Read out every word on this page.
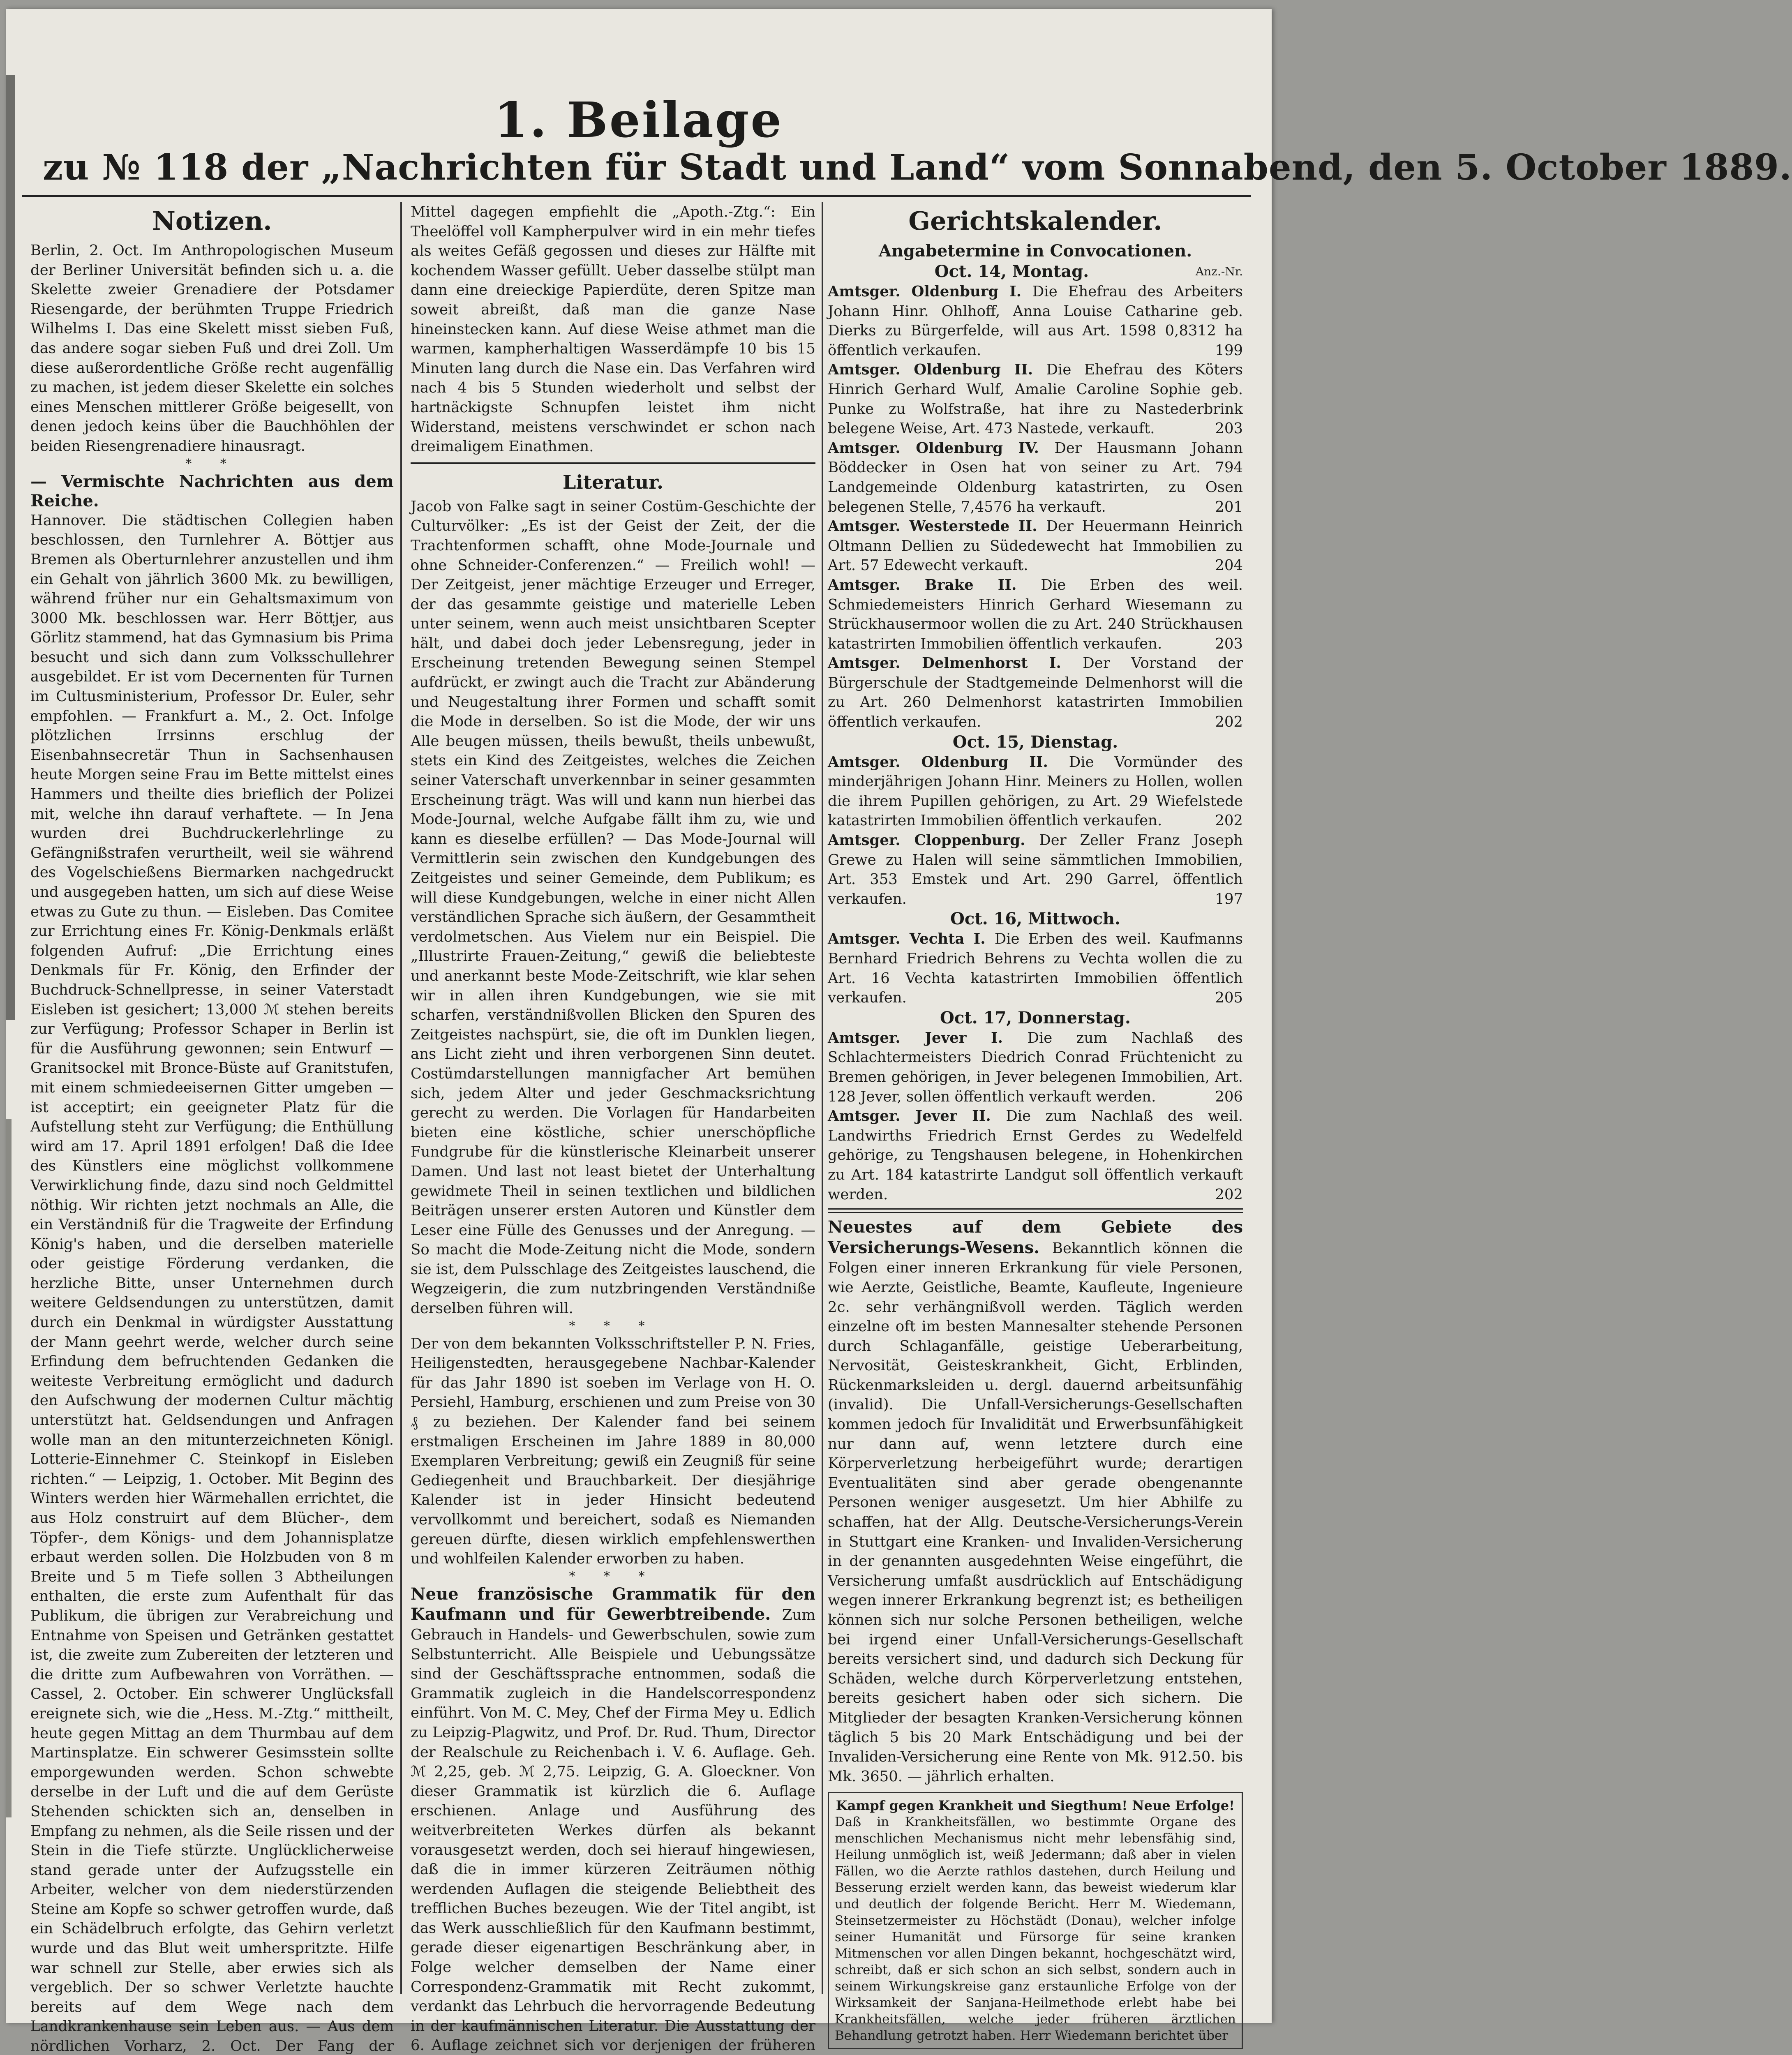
1. Beilage
zu № 118 der „Nachrichten für Stadt und Land“ vom Sonnabend, den 5. October 1889.
Notizen.

Berlin, 2. Oct. Im Anthropologischen Museum der Berliner Universität befinden sich u. a. die Skelette zweier Grenadiere der Potsdamer Riesengarde, der berühmten Truppe Friedrich Wilhelms I. Das eine Skelett misst sieben Fuß, das andere sogar sieben Fuß und drei Zoll. Um diese außerordentliche Größe recht augenfällig zu machen, ist jedem dieser Skelette ein solches eines Menschen mittlerer Größe beigesellt, von denen jedoch keins über die Bauchhöhlen der beiden Riesengrenadiere hinausragt.

* *

— Vermischte Nachrichten aus dem Reiche.

Hannover. Die städtischen Collegien haben beschlossen, den Turnlehrer A. Böttjer aus Bremen als Oberturnlehrer anzustellen und ihm ein Gehalt von jährlich 3600 Mk. zu bewilligen, während früher nur ein Gehaltsmaximum von 3000 Mk. beschlossen war. Herr Böttjer, aus Görlitz stammend, hat das Gymnasium bis Prima besucht und sich dann zum Volksschullehrer ausgebildet. Er ist vom Decernenten für Turnen im Cultusministerium, Professor Dr. Euler, sehr empfohlen. — Frankfurt a. M., 2. Oct. Infolge plötzlichen Irrsinns erschlug der Eisenbahnsecretär Thun in Sachsenhausen heute Morgen seine Frau im Bette mittelst eines Hammers und theilte dies brieflich der Polizei mit, welche ihn darauf verhaftete. — In Jena wurden drei Buchdruckerlehrlinge zu Gefängnißstrafen verurtheilt, weil sie während des Vogelschießens Biermarken nachgedruckt und ausgegeben hatten, um sich auf diese Weise etwas zu Gute zu thun. — Eisleben. Das Comitee zur Errichtung eines Fr. König-Denkmals erläßt folgenden Aufruf: „Die Errichtung eines Denkmals für Fr. König, den Erfinder der Buchdruck-Schnellpresse, in seiner Vaterstadt Eisleben ist gesichert; 13,000 ℳ stehen bereits zur Verfügung; Professor Schaper in Berlin ist für die Ausführung gewonnen; sein Entwurf — Granitsockel mit Bronce-Büste auf Granitstufen, mit einem schmiedeeisernen Gitter umgeben — ist acceptirt; ein geeigneter Platz für die Aufstellung steht zur Verfügung; die Enthüllung wird am 17. April 1891 erfolgen! Daß die Idee des Künstlers eine möglichst vollkommene Verwirklichung finde, dazu sind noch Geldmittel nöthig. Wir richten jetzt nochmals an Alle, die ein Verständniß für die Tragweite der Erfindung König's haben, und die derselben materielle oder geistige Förderung verdanken, die herzliche Bitte, unser Unternehmen durch weitere Geldsendungen zu unterstützen, damit durch ein Denkmal in würdigster Ausstattung der Mann geehrt werde, welcher durch seine Erfindung dem befruchtenden Gedanken die weiteste Verbreitung ermöglicht und dadurch den Aufschwung der modernen Cultur mächtig unterstützt hat. Geldsendungen und Anfragen wolle man an den mitunterzeichneten Königl. Lotterie-Einnehmer C. Steinkopf in Eisleben richten.“ — Leipzig, 1. October. Mit Beginn des Winters werden hier Wärmehallen errichtet, die aus Holz construirt auf dem Blücher-, dem Töpfer-, dem Königs- und dem Johannisplatze erbaut werden sollen. Die Holzbuden von 8 m Breite und 5 m Tiefe sollen 3 Abtheilungen enthalten, die erste zum Aufenthalt für das Publikum, die übrigen zur Verabreichung und Entnahme von Speisen und Getränken gestattet ist, die zweite zum Zubereiten der letzteren und die dritte zum Aufbewahren von Vorräthen. — Cassel, 2. October. Ein schwerer Unglücksfall ereignete sich, wie die „Hess. M.-Ztg.“ mittheilt, heute gegen Mittag an dem Thurmbau auf dem Martinsplatze. Ein schwerer Gesimsstein sollte emporgewunden werden. Schon schwebte derselbe in der Luft und die auf dem Gerüste Stehenden schickten sich an, denselben in Empfang zu nehmen, als die Seile rissen und der Stein in die Tiefe stürzte. Unglücklicherweise stand gerade unter der Aufzugsstelle ein Arbeiter, welcher von dem niederstürzenden Steine am Kopfe so schwer getroffen wurde, daß ein Schädelbruch erfolgte, das Gehirn verletzt wurde und das Blut weit umherspritzte. Hilfe war schnell zur Stelle, aber erwies sich als vergeblich. Der so schwer Verletzte hauchte bereits auf dem Wege nach dem Landkrankenhause sein Leben aus. — Aus dem nördlichen Vorharz, 2. Oct. Der Fang der

Mittel dagegen empfiehlt die „Apoth.-Ztg.“: Ein Theelöffel voll Kampherpulver wird in ein mehr tiefes als weites Gefäß gegossen und dieses zur Hälfte mit kochendem Wasser gefüllt. Ueber dasselbe stülpt man dann eine dreieckige Papierdüte, deren Spitze man soweit abreißt, daß man die ganze Nase hineinstecken kann. Auf diese Weise athmet man die warmen, kampherhaltigen Wasserdämpfe 10 bis 15 Minuten lang durch die Nase ein. Das Verfahren wird nach 4 bis 5 Stunden wiederholt und selbst der hartnäckigste Schnupfen leistet ihm nicht Widerstand, meistens verschwindet er schon nach dreimaligem Einathmen.

Literatur.

Jacob von Falke sagt in seiner Costüm-Geschichte der Culturvölker: „Es ist der Geist der Zeit, der die Trachtenformen schafft, ohne Mode-Journale und ohne Schneider-Conferenzen.“ — Freilich wohl! — Der Zeitgeist, jener mächtige Erzeuger und Erreger, der das gesammte geistige und materielle Leben unter seinem, wenn auch meist unsichtbaren Scepter hält, und dabei doch jeder Lebensregung, jeder in Erscheinung tretenden Bewegung seinen Stempel aufdrückt, er zwingt auch die Tracht zur Abänderung und Neugestaltung ihrer Formen und schafft somit die Mode in derselben. So ist die Mode, der wir uns Alle beugen müssen, theils bewußt, theils unbewußt, stets ein Kind des Zeitgeistes, welches die Zeichen seiner Vaterschaft unverkennbar in seiner gesammten Erscheinung trägt. Was will und kann nun hierbei das Mode-Journal, welche Aufgabe fällt ihm zu, wie und kann es dieselbe erfüllen? — Das Mode-Journal will Vermittlerin sein zwischen den Kundgebungen des Zeitgeistes und seiner Gemeinde, dem Publikum; es will diese Kundgebungen, welche in einer nicht Allen verständlichen Sprache sich äußern, der Gesammtheit verdolmetschen. Aus Vielem nur ein Beispiel. Die „Illustrirte Frauen-Zeitung,“ gewiß die beliebteste und anerkannt beste Mode-Zeitschrift, wie klar sehen wir in allen ihren Kundgebungen, wie sie mit scharfen, verständnißvollen Blicken den Spuren des Zeitgeistes nachspürt, sie, die oft im Dunklen liegen, ans Licht zieht und ihren verborgenen Sinn deutet. Costümdarstellungen mannigfacher Art bemühen sich, jedem Alter und jeder Geschmacksrichtung gerecht zu werden. Die Vorlagen für Handarbeiten bieten eine köstliche, schier unerschöpfliche Fundgrube für die künstlerische Kleinarbeit unserer Damen. Und last not least bietet der Unterhaltung gewidmete Theil in seinen textlichen und bildlichen Beiträgen unserer ersten Autoren und Künstler dem Leser eine Fülle des Genusses und der Anregung. — So macht die Mode-Zeitung nicht die Mode, sondern sie ist, dem Pulsschlage des Zeitgeistes lauschend, die Wegzeigerin, die zum nutzbringenden Verständniße derselben führen will.

* * *

Der von dem bekannten Volksschriftsteller P. N. Fries, Heiligenstedten, herausgegebene Nachbar-Kalender für das Jahr 1890 ist soeben im Verlage von H. O. Persiehl, Hamburg, erschienen und zum Preise von 30 ₰ zu beziehen. Der Kalender fand bei seinem erstmaligen Erscheinen im Jahre 1889 in 80,000 Exemplaren Verbreitung; gewiß ein Zeugniß für seine Gediegenheit und Brauchbarkeit. Der diesjährige Kalender ist in jeder Hinsicht bedeutend vervollkommt und bereichert, sodaß es Niemanden gereuen dürfte, diesen wirklich empfehlenswerthen und wohlfeilen Kalender erworben zu haben.

* * *

Neue französische Grammatik für den Kaufmann und für Gewerbtreibende. Zum Gebrauch in Handels- und Gewerbschulen, sowie zum Selbstunterricht. Alle Beispiele und Uebungssätze sind der Geschäftssprache entnommen, sodaß die Grammatik zugleich in die Handelscorrespondenz einführt. Von M. C. Mey, Chef der Firma Mey u. Edlich zu Leipzig-Plagwitz, und Prof. Dr. Rud. Thum, Director der Realschule zu Reichenbach i. V. 6. Auflage. Geh. ℳ 2,25, geb. ℳ 2,75. Leipzig, G. A. Gloeckner. Von dieser Grammatik ist kürzlich die 6. Auflage erschienen. Anlage und Ausführung des weitverbreiteten Werkes dürfen als bekannt vorausgesetzt werden, doch sei hierauf hingewiesen, daß die in immer kürzeren Zeiträumen nöthig werdenden Auflagen die steigende Beliebtheit des trefflichen Buches bezeugen. Wie der Titel angibt, ist das Werk ausschließlich für den Kaufmann bestimmt, gerade dieser eigenartigen Beschränkung aber, in Folge welcher demselben der Name einer Correspondenz-Grammatik mit Recht zukommt, verdankt das Lehrbuch die hervorragende Bedeutung in der kaufmännischen Literatur. Die Ausstattung der 6. Auflage zeichnet sich vor derjenigen der früheren

Gerichtskalender.
Angabetermine in Convocationen.
Anz.-Nr.
Oct. 14, Montag.

Amtsger. Oldenburg I. Die Ehefrau des Arbeiters Johann Hinr. Ohlhoff, Anna Louise Catharine geb. Dierks zu Bürgerfelde, will aus Art. 1598 0,8312 ha öffentlich verkaufen.	199

Amtsger. Oldenburg II. Die Ehefrau des Köters Hinrich Gerhard Wulf, Amalie Caroline Sophie geb. Punke zu Wolfstraße, hat ihre zu Nastederbrink belegene Weise, Art. 473 Nastede, verkauft.	203

Amtsger. Oldenburg IV. Der Hausmann Johann Böddecker in Osen hat von seiner zu Art. 794 Landgemeinde Oldenburg katastrirten, zu Osen belegenen Stelle, 7,4576 ha verkauft.	201

Amtsger. Westerstede II. Der Heuermann Heinrich Oltmann Dellien zu Südedewecht hat Immobilien zu Art. 57 Edewecht verkauft.	204

Amtsger. Brake II. Die Erben des weil. Schmiedemeisters Hinrich Gerhard Wiesemann zu Strückhausermoor wollen die zu Art. 240 Strückhausen katastrirten Immobilien öffentlich verkaufen.	203

Amtsger. Delmenhorst I. Der Vorstand der Bürgerschule der Stadtgemeinde Delmenhorst will die zu Art. 260 Delmenhorst katastrirten Immobilien öffentlich verkaufen.	202

Oct. 15, Dienstag.

Amtsger. Oldenburg II. Die Vormünder des minderjährigen Johann Hinr. Meiners zu Hollen, wollen die ihrem Pupillen gehörigen, zu Art. 29 Wiefelstede katastrirten Immobilien öffentlich verkaufen.	202

Amtsger. Cloppenburg. Der Zeller Franz Joseph Grewe zu Halen will seine sämmtlichen Immobilien, Art. 353 Emstek und Art. 290 Garrel, öffentlich verkaufen.	197

Oct. 16, Mittwoch.

Amtsger. Vechta I. Die Erben des weil. Kaufmanns Bernhard Friedrich Behrens zu Vechta wollen die zu Art. 16 Vechta katastrirten Immobilien öffentlich verkaufen.	205

Oct. 17, Donnerstag.

Amtsger. Jever I. Die zum Nachlaß des Schlachtermeisters Diedrich Conrad Früchtenicht zu Bremen gehörigen, in Jever belegenen Immobilien, Art. 128 Jever, sollen öffentlich verkauft werden.	206

Amtsger. Jever II. Die zum Nachlaß des weil. Landwirths Friedrich Ernst Gerdes zu Wedelfeld gehörige, zu Tengshausen belegene, in Hohenkirchen zu Art. 184 katastrirte Landgut soll öffentlich verkauft werden.	202

Neuestes auf dem Gebiete des Versicherungs-Wesens. Bekanntlich können die Folgen einer inneren Erkrankung für viele Personen, wie Aerzte, Geistliche, Beamte, Kaufleute, Ingenieure 2c. sehr verhängnißvoll werden. Täglich werden einzelne oft im besten Mannesalter stehende Personen durch Schlaganfälle, geistige Ueberarbeitung, Nervosität, Geisteskrankheit, Gicht, Erblinden, Rückenmarksleiden u. dergl. dauernd arbeitsunfähig (invalid). Die Unfall-Versicherungs-Gesellschaften kommen jedoch für Invalidität und Erwerbsunfähigkeit nur dann auf, wenn letztere durch eine Körperverletzung herbeigeführt wurde; derartigen Eventualitäten sind aber gerade obengenannte Personen weniger ausgesetzt. Um hier Abhilfe zu schaffen, hat der Allg. Deutsche-Versicherungs-Verein in Stuttgart eine Kranken- und Invaliden-Versicherung in der genannten ausgedehnten Weise eingeführt, die Versicherung umfaßt ausdrücklich auf Entschädigung wegen innerer Erkrankung begrenzt ist; es betheiligen können sich nur solche Personen betheiligen, welche bei irgend einer Unfall-Versicherungs-Gesellschaft bereits versichert sind, und dadurch sich Deckung für Schäden, welche durch Körperverletzung entstehen, bereits gesichert haben oder sich sichern. Die Mitglieder der besagten Kranken-Versicherung können täglich 5 bis 20 Mark Entschädigung und bei der Invaliden-Versicherung eine Rente von Mk. 912.50. bis Mk. 3650. — jährlich erhalten.

Kampf gegen Krankheit und Siegthum! Neue Erfolge!
Daß in Krankheitsfällen, wo bestimmte Organe des menschlichen Mechanismus nicht mehr lebensfähig sind, Heilung unmöglich ist, weiß Jedermann; daß aber in vielen Fällen, wo die Aerzte rathlos dastehen, durch Heilung und Besserung erzielt werden kann, das beweist wiederum klar und deutlich der folgende Bericht. Herr M. Wiedemann, Steinsetzermeister zu Höchstädt (Donau), welcher infolge seiner Humanität und Fürsorge für seine kranken Mitmenschen vor allen Dingen bekannt, hochgeschätzt wird, schreibt, daß er sich schon an sich selbst, sondern auch in seinem Wirkungskreise ganz erstaunliche Erfolge von der Wirksamkeit der Sanjana-Heilmethode erlebt habe bei Krankheitsfällen, welche jeder früheren ärztlichen Behandlung getrotzt haben. Herr Wiedemann berichtet über
